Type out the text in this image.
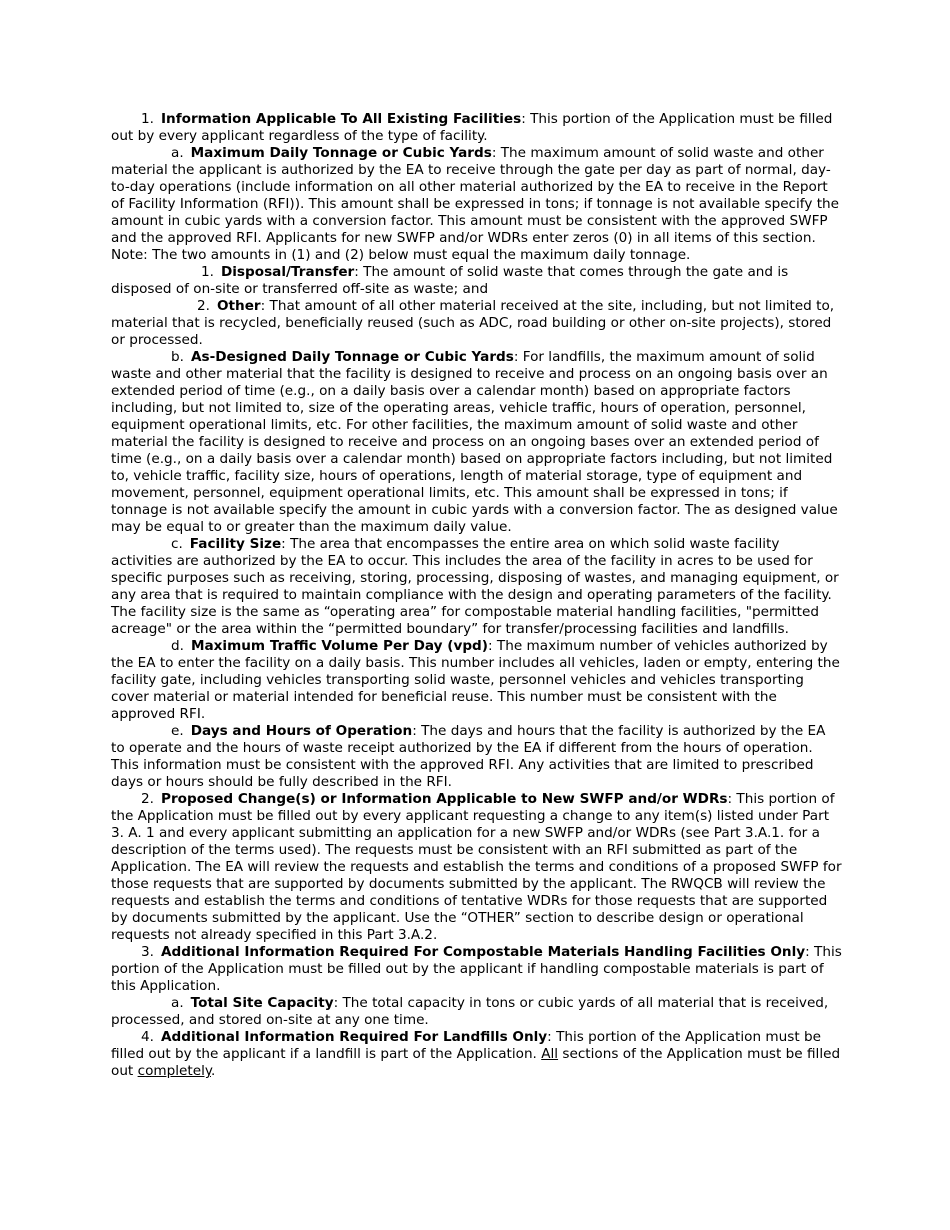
1. Information Applicable To All Existing Facilities: This portion of the Application must be filled out by every applicant regardless of the type of facility.

a. Maximum Daily Tonnage or Cubic Yards: The maximum amount of solid waste and other material the applicant is authorized by the EA to receive through the gate per day as part of normal, day-to-day operations (include information on all other material authorized by the EA to receive in the Report of Facility Information (RFI)). This amount shall be expressed in tons; if tonnage is not available specify the amount in cubic yards with a conversion factor. This amount must be consistent with the approved SWFP and the approved RFI. Applicants for new SWFP and/or WDRs enter zeros (0) in all items of this section. Note: The two amounts in (1) and (2) below must equal the maximum daily tonnage.

1. Disposal/Transfer: The amount of solid waste that comes through the gate and is disposed of on-site or transferred off-site as waste; and

2. Other: That amount of all other material received at the site, including, but not limited to, material that is recycled, beneficially reused (such as ADC, road building or other on-site projects), stored or processed.

b. As-Designed Daily Tonnage or Cubic Yards: For landfills, the maximum amount of solid waste and other material that the facility is designed to receive and process on an ongoing basis over an extended period of time (e.g., on a daily basis over a calendar month) based on appropriate factors including, but not limited to, size of the operating areas, vehicle traffic, hours of operation, personnel, equipment operational limits, etc. For other facilities, the maximum amount of solid waste and other material the facility is designed to receive and process on an ongoing bases over an extended period of time (e.g., on a daily basis over a calendar month) based on appropriate factors including, but not limited to, vehicle traffic, facility size, hours of operations, length of material storage, type of equipment and movement, personnel, equipment operational limits, etc. This amount shall be expressed in tons; if tonnage is not available specify the amount in cubic yards with a conversion factor. The as designed value may be equal to or greater than the maximum daily value.

c. Facility Size: The area that encompasses the entire area on which solid waste facility activities are authorized by the EA to occur. This includes the area of the facility in acres to be used for specific purposes such as receiving, storing, processing, disposing of wastes, and managing equipment, or any area that is required to maintain compliance with the design and operating parameters of the facility. The facility size is the same as “operating area” for compostable material handling facilities, "permitted acreage" or the area within the “permitted boundary” for transfer/processing facilities and landfills.

d. Maximum Traffic Volume Per Day (vpd): The maximum number of vehicles authorized by the EA to enter the facility on a daily basis. This number includes all vehicles, laden or empty, entering the facility gate, including vehicles transporting solid waste, personnel vehicles and vehicles transporting cover material or material intended for beneficial reuse. This number must be consistent with the approved RFI.

e. Days and Hours of Operation: The days and hours that the facility is authorized by the EA to operate and the hours of waste receipt authorized by the EA if different from the hours of operation. This information must be consistent with the approved RFI. Any activities that are limited to prescribed days or hours should be fully described in the RFI.

2. Proposed Change(s) or Information Applicable to New SWFP and/or WDRs: This portion of the Application must be filled out by every applicant requesting a change to any item(s) listed under Part 3. A. 1 and every applicant submitting an application for a new SWFP and/or WDRs (see Part 3.A.1. for a description of the terms used). The requests must be consistent with an RFI submitted as part of the Application. The EA will review the requests and establish the terms and conditions of a proposed SWFP for those requests that are supported by documents submitted by the applicant. The RWQCB will review the requests and establish the terms and conditions of tentative WDRs for those requests that are supported by documents submitted by the applicant. Use the “OTHER” section to describe design or operational requests not already specified in this Part 3.A.2.

3. Additional Information Required For Compostable Materials Handling Facilities Only: This portion of the Application must be filled out by the applicant if handling compostable materials is part of this Application.

a. Total Site Capacity: The total capacity in tons or cubic yards of all material that is received, processed, and stored on-site at any one time.

4. Additional Information Required For Landfills Only: This portion of the Application must be filled out by the applicant if a landfill is part of the Application. All sections of the Application must be filled out completely.
